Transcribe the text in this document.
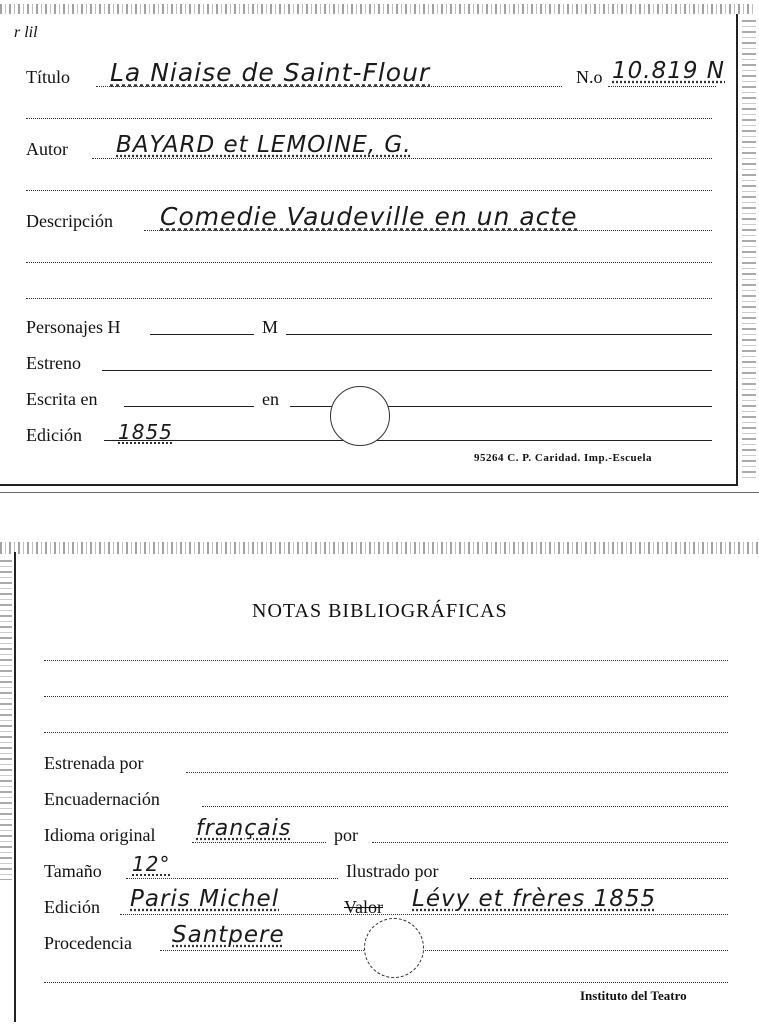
r lil
Título La Niaise de Saint-Flour	N.o 10.819 N
Autor BAYARD et LEMOINE, G.
Descripción Comedie Vaudeville en un acte
Personajes H	M
Estreno
Escrita en	en
Edición 1855
95264 C. P. Caridad. Imp.-Escuela
NOTAS BIBLIOGRÁFICAS
Estrenada por
Encuadernación
Idioma original français por
Tamaño 12°	Ilustrado por
Edición Paris Michel	Valor Lévy et frères 1855
Procedencia Santpere
Instituto del Teatro
